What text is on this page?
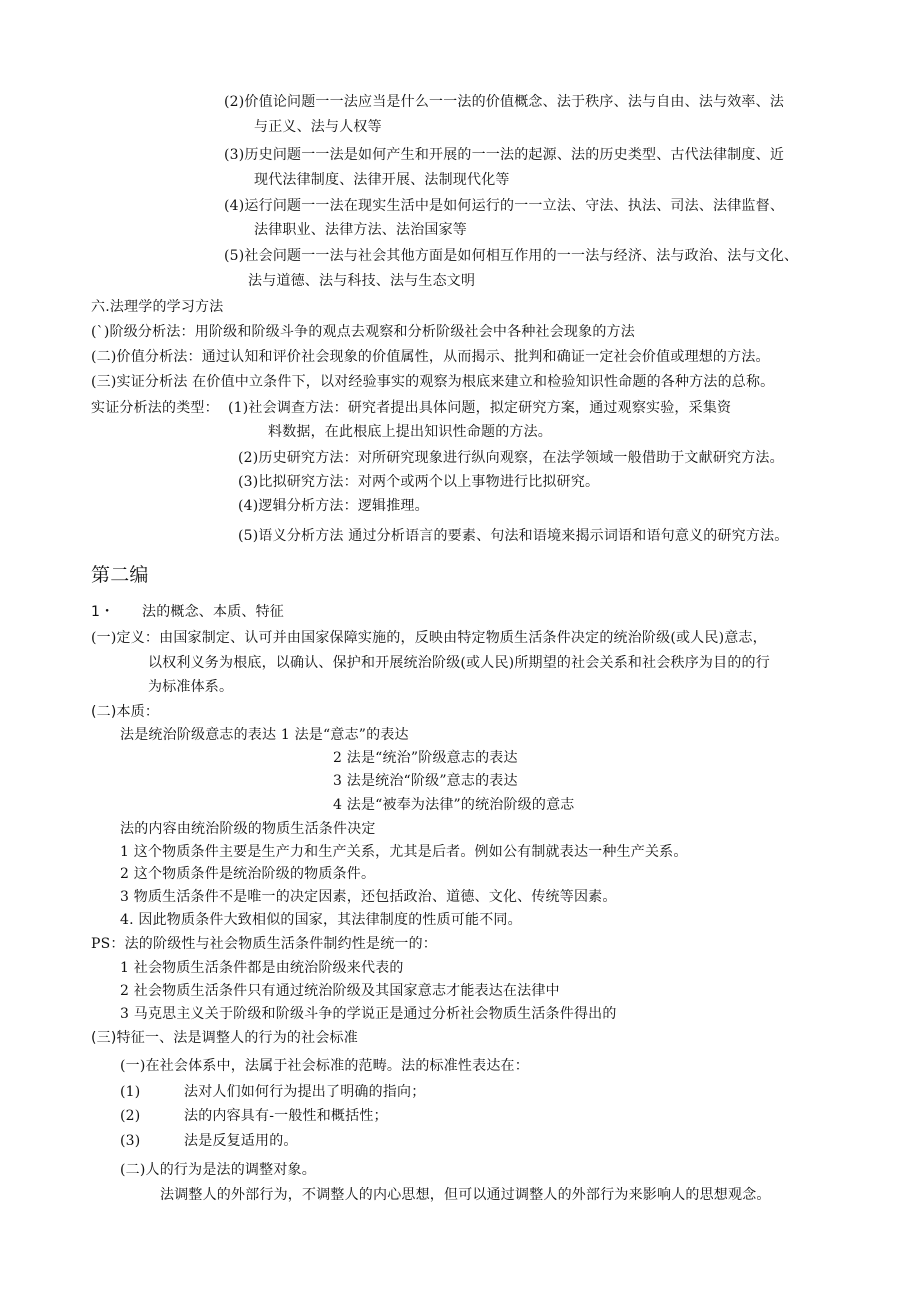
(2)价值论问题一一法应当是什么一一法的价值概念、法于秩序、法与自由、法与效率、法
与正义、法与人权等
(3)历史问题一一法是如何产生和开展的一一法的起源、法的历史类型、古代法律制度、近
现代法律制度、法律开展、法制现代化等
(4)运行问题一一法在现实生活中是如何运行的一一立法、守法、执法、司法、法律监督、
法律职业、法律方法、法治国家等
(5)社会问题一一法与社会其他方面是如何相互作用的一一法与经济、法与政治、法与文化、
法与道德、法与科技、法与生态文明
六.法理学的学习方法
(`)阶级分析法：用阶级和阶级斗争的观点去观察和分析阶级社会中各种社会现象的方法
(二)价值分析法：通过认知和评价社会现象的价值属性，从而揭示、批判和确证一定社会价值或理想的方法。
(三)实证分析法 在价值中立条件下，以对经验事实的观察为根底来建立和检验知识性命题的各种方法的总称。
实证分析法的类型： (1)社会调查方法：研究者提出具体问题，拟定研究方案，通过观察实验，采集资
料数据，在此根底上提出知识性命题的方法。
(2)历史研究方法：对所研究现象进行纵向观察，在法学领域一般借助于文献研究方法。
(3)比拟研究方法：对两个或两个以上事物进行比拟研究。
(4)逻辑分析方法：逻辑推理。
(5)语义分析方法 通过分析语言的要素、句法和语境来揭示词语和语句意义的研究方法。
第二编
1・ 法的概念、本质、特征
(一)定义：由国家制定、认可并由国家保障实施的，反映由特定物质生活条件决定的统治阶级(或人民)意志，
以权利义务为根底，以确认、保护和开展统治阶级(或人民)所期望的社会关系和社会秩序为目的的行
为标准体系。
(二)本质：
法是统治阶级意志的表达 1 法是“意志”的表达
2 法是“统治”阶级意志的表达
3 法是统治“阶级”意志的表达
4 法是“被奉为法律”的统治阶级的意志
法的内容由统治阶级的物质生活条件决定
1 这个物质条件主要是生产力和生产关系，尤其是后者。例如公有制就表达一种生产关系。
2 这个物质条件是统治阶级的物质条件。
3 物质生活条件不是唯一的决定因素，还包括政治、道德、文化、传统等因素。
4. 因此物质条件大致相似的国家，其法律制度的性质可能不同。
PS：法的阶级性与社会物质生活条件制约性是统一的：
1 社会物质生活条件都是由统治阶级来代表的
2 社会物质生活条件只有通过统治阶级及其国家意志才能表达在法律中
3 马克思主义关于阶级和阶级斗争的学说正是通过分析社会物质生活条件得出的
(三)特征一、法是调整人的行为的社会标准
(一)在社会体系中，法属于社会标准的范畴。法的标准性表达在：
(1)	法对人们如何行为提出了明确的指向；
(2)	法的内容具有-一般性和概括性；
(3)	法是反复适用的。
(二)人的行为是法的调整对象。
法调整人的外部行为，不调整人的内心思想，但可以通过调整人的外部行为来影响人的思想观念。
